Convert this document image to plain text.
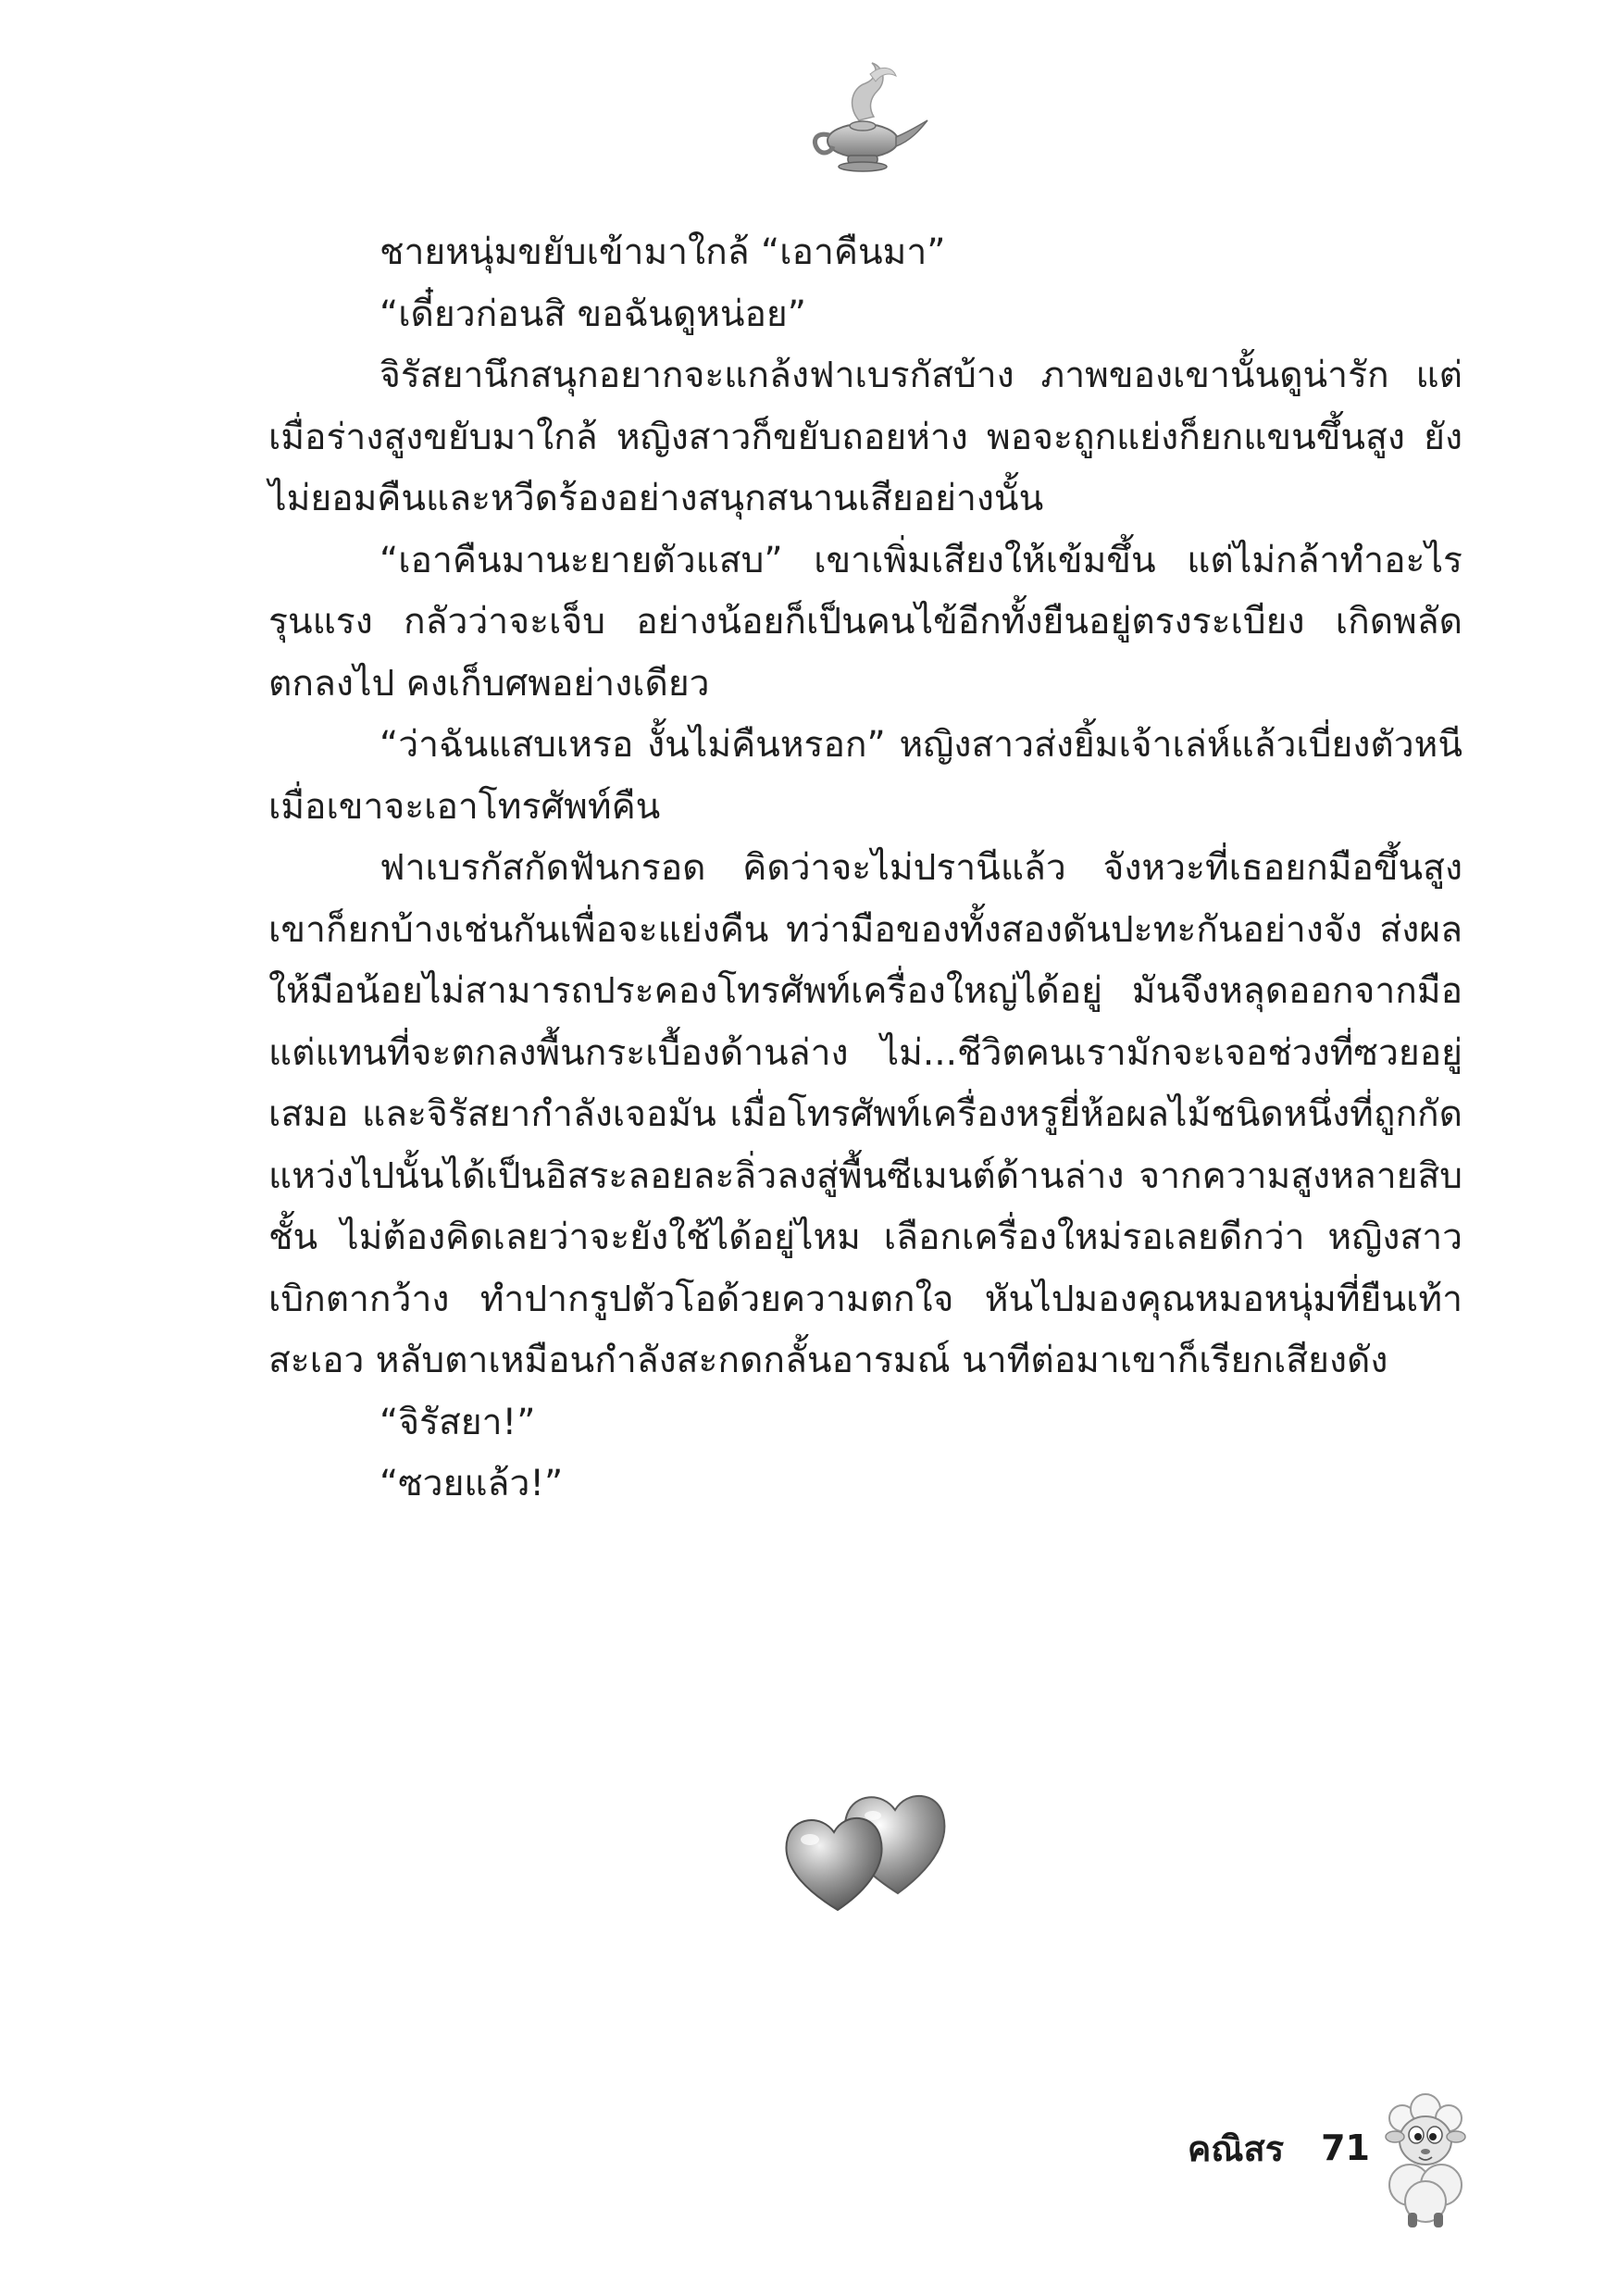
ชายหนุ่มขยับเข้ามาใกล้ “เอาคืนมา”

“เดี๋ยวก่อนสิ ขอฉันดูหน่อย”

จิรัสยานึกสนุกอยากจะแกล้งฟาเบรกัสบ้าง ภาพของเขานั้นดูน่ารัก แต่เมื่อร่างสูงขยับมาใกล้ หญิงสาวก็ขยับถอยห่าง พอจะถูกแย่งก็ยกแขนขึ้นสูง ยังไม่ยอมคืนและหวีดร้องอย่างสนุกสนานเสียอย่างนั้น

“เอาคืนมานะยายตัวแสบ” เขาเพิ่มเสียงให้เข้มขึ้น แต่ไม่กล้าทำอะไรรุนแรง กลัวว่าจะเจ็บ อย่างน้อยก็เป็นคนไข้อีกทั้งยืนอยู่ตรงระเบียง เกิดพลัดตกลงไป คงเก็บศพอย่างเดียว

“ว่าฉันแสบเหรอ งั้นไม่คืนหรอก” หญิงสาวส่งยิ้มเจ้าเล่ห์แล้วเบี่ยงตัวหนีเมื่อเขาจะเอาโทรศัพท์คืน

ฟาเบรกัสกัดฟันกรอด คิดว่าจะไม่ปรานีแล้ว จังหวะที่เธอยกมือขึ้นสูง เขาก็ยกบ้างเช่นกันเพื่อจะแย่งคืน ทว่ามือของทั้งสองดันปะทะกันอย่างจัง ส่งผลให้มือน้อยไม่สามารถประคองโทรศัพท์เครื่องใหญ่ได้อยู่ มันจึงหลุดออกจากมือ แต่แทนที่จะตกลงพื้นกระเบื้องด้านล่าง ไม่...ชีวิตคนเรามักจะเจอช่วงที่ซวยอยู่เสมอ และจิรัสยากำลังเจอมัน เมื่อโทรศัพท์เครื่องหรูยี่ห้อผลไม้ชนิดหนึ่งที่ถูกกัดแหว่งไปนั้นได้เป็นอิสระลอยละลิ่วลงสู่พื้นซีเมนต์ด้านล่าง จากความสูงหลายสิบชั้น ไม่ต้องคิดเลยว่าจะยังใช้ได้อยู่ไหม เลือกเครื่องใหม่รอเลยดีกว่า หญิงสาวเบิกตากว้าง ทำปากรูปตัวโอด้วยความตกใจ หันไปมองคุณหมอหนุ่มที่ยืนเท้าสะเอว หลับตาเหมือนกำลังสะกดกลั้นอารมณ์ นาทีต่อมาเขาก็เรียกเสียงดัง

“จิรัสยา!”

“ซวยแล้ว!”

คณิสร 71
